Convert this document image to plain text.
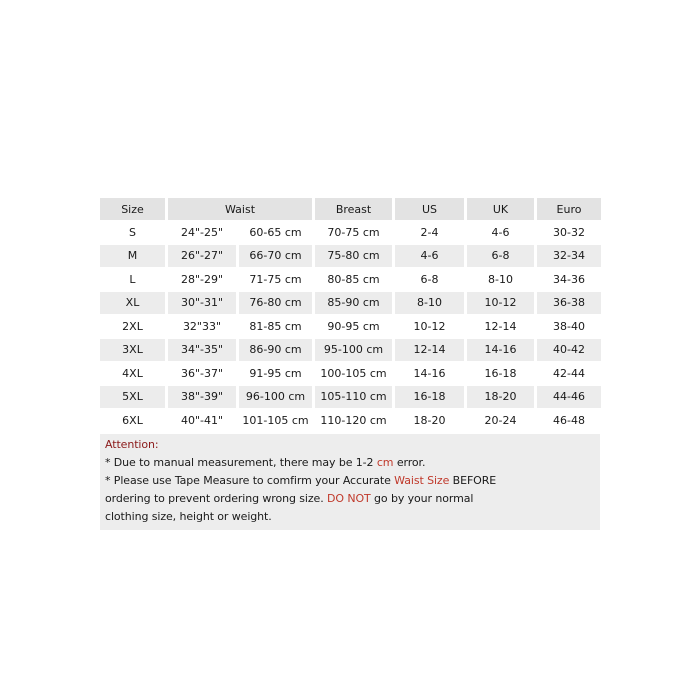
Size	Waist		Breast	US	UK	Euro
S	24"-25"	60-65 cm	70-75 cm	2-4	4-6	30-32
M	26"-27"	66-70 cm	75-80 cm	4-6	6-8	32-34
L	28"-29"	71-75 cm	80-85 cm	6-8	8-10	34-36
XL	30"-31"	76-80 cm	85-90 cm	8-10	10-12	36-38
2XL	32"33"	81-85 cm	90-95 cm	10-12	12-14	38-40
3XL	34"-35"	86-90 cm	95-100 cm	12-14	14-16	40-42
4XL	36"-37"	91-95 cm	100-105 cm	14-16	16-18	42-44
5XL	38"-39"	96-100 cm	105-110 cm	16-18	18-20	44-46
6XL	40"-41"	101-105 cm	110-120 cm	18-20	20-24	46-48
Attention:
* Due to manual measurement, there may be 1-2 cm error.
* Please use Tape Measure to comfirm your Accurate Waist Size BEFORE
ordering to prevent ordering wrong size. DO NOT go by your normal
clothing size, height or weight.
